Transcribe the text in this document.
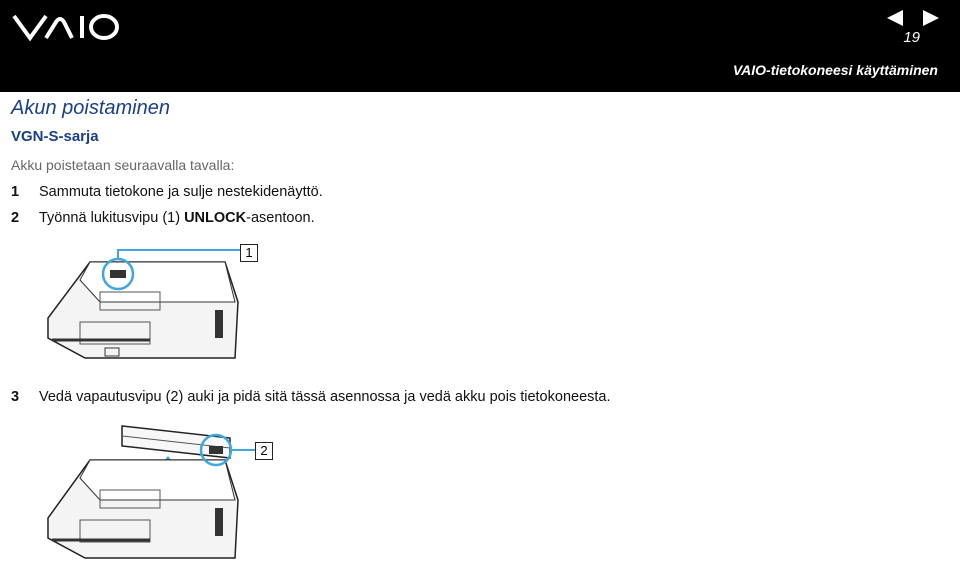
19
VAIO-tietokoneesi käyttäminen
Akun poistaminen
VGN-S-sarja
Akku poistetaan seuraavalla tavalla:
1 Sammuta tietokone ja sulje nestekidenäyttö.
2 Työnnä lukitusvipu (1) UNLOCK-asentoon.
1
3 Vedä vapautusvipu (2) auki ja pidä sitä tässä asennossa ja vedä akku pois tietokoneesta.
2
